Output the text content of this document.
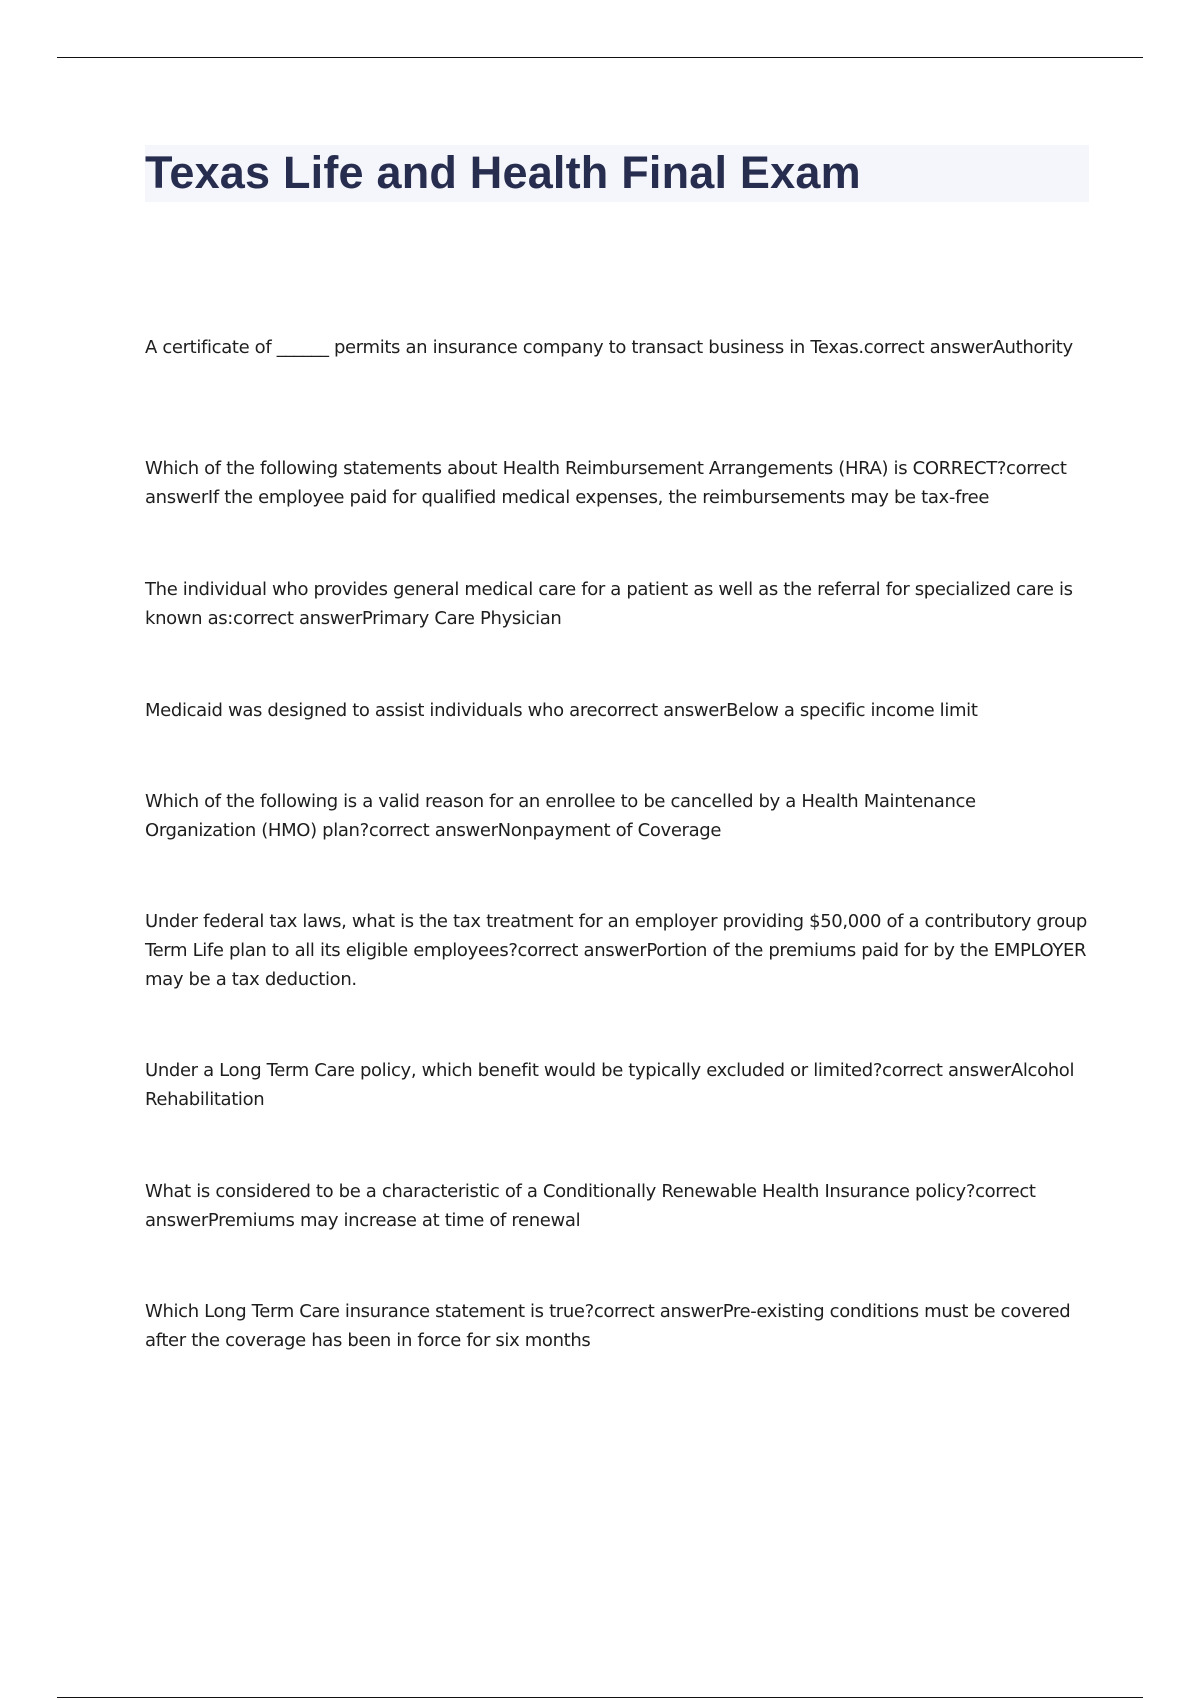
Texas Life and Health Final Exam

A certificate of ______ permits an insurance company to transact business in Texas.correct answerAuthority

Which of the following statements about Health Reimbursement Arrangements (HRA) is CORRECT?correct answerIf the employee paid for qualified medical expenses, the reimbursements may be tax-free

The individual who provides general medical care for a patient as well as the referral for specialized care is known as:correct answerPrimary Care Physician

Medicaid was designed to assist individuals who arecorrect answerBelow a specific income limit

Which of the following is a valid reason for an enrollee to be cancelled by a Health Maintenance Organization (HMO) plan?correct answerNonpayment of Coverage

Under federal tax laws, what is the tax treatment for an employer providing $50,000 of a contributory group Term Life plan to all its eligible employees?correct answerPortion of the premiums paid for by the EMPLOYER may be a tax deduction.

Under a Long Term Care policy, which benefit would be typically excluded or limited?correct answerAlcohol Rehabilitation

What is considered to be a characteristic of a Conditionally Renewable Health Insurance policy?correct answerPremiums may increase at time of renewal

Which Long Term Care insurance statement is true?correct answerPre-existing conditions must be covered after the coverage has been in force for six months
